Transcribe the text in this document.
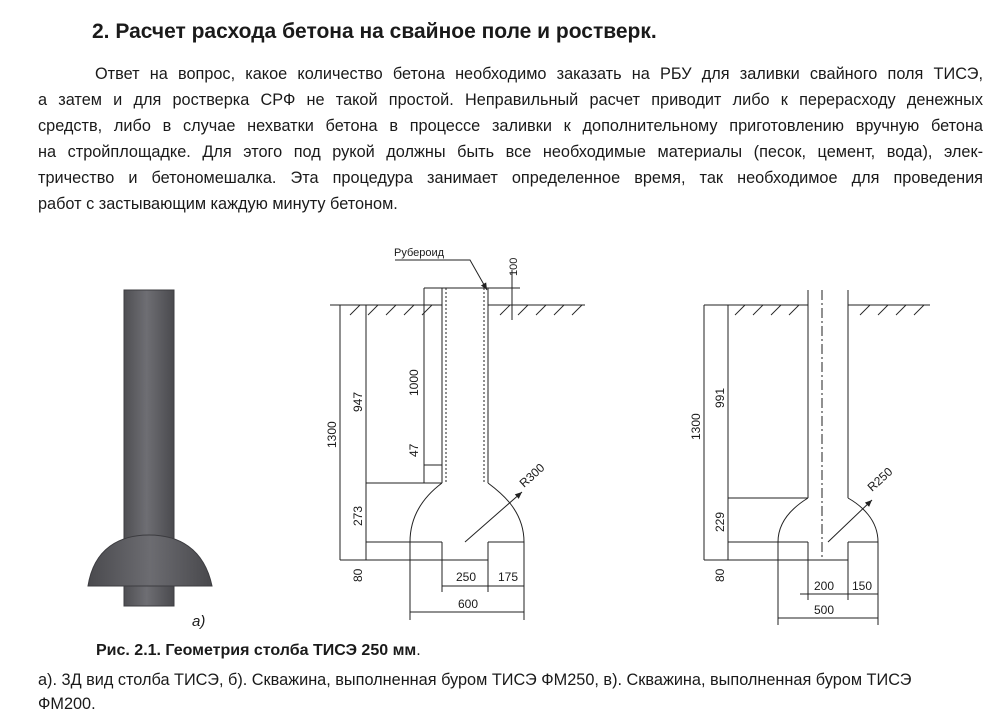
2. Расчет расхода бетона на свайное поле и ростверк.
Ответ на вопрос, какое количество бетона необходимо заказать на РБУ для заливки свайного поля ТИСЭ,
а затем и для ростверка СРФ не такой простой. Неправильный расчет приводит либо к перерасходу денежных
средств, либо в случае нехватки бетона в процессе заливки к дополнительному приготовлению вручную бетона
на стройплощадке. Для этого под рукой должны быть все необходимые материалы (песок, цемент, вода), элек-
тричество и бетономешалка. Эта процедура занимает определенное время, так необходимое для проведения
работ с застывающим каждую минуту бетоном.
а)
Рубероид
100
1300
947
1000
47
273
80	250 175
600
R300
1300
991
229
80
200 150
500
R250

Рис. 2.1. Геометрия столба ТИСЭ 250 мм.

а). 3Д вид столба ТИСЭ, б). Скважина, выполненная буром ТИСЭ ФМ250, в). Скважина, выполненная буром ТИСЭ
ФМ200.
